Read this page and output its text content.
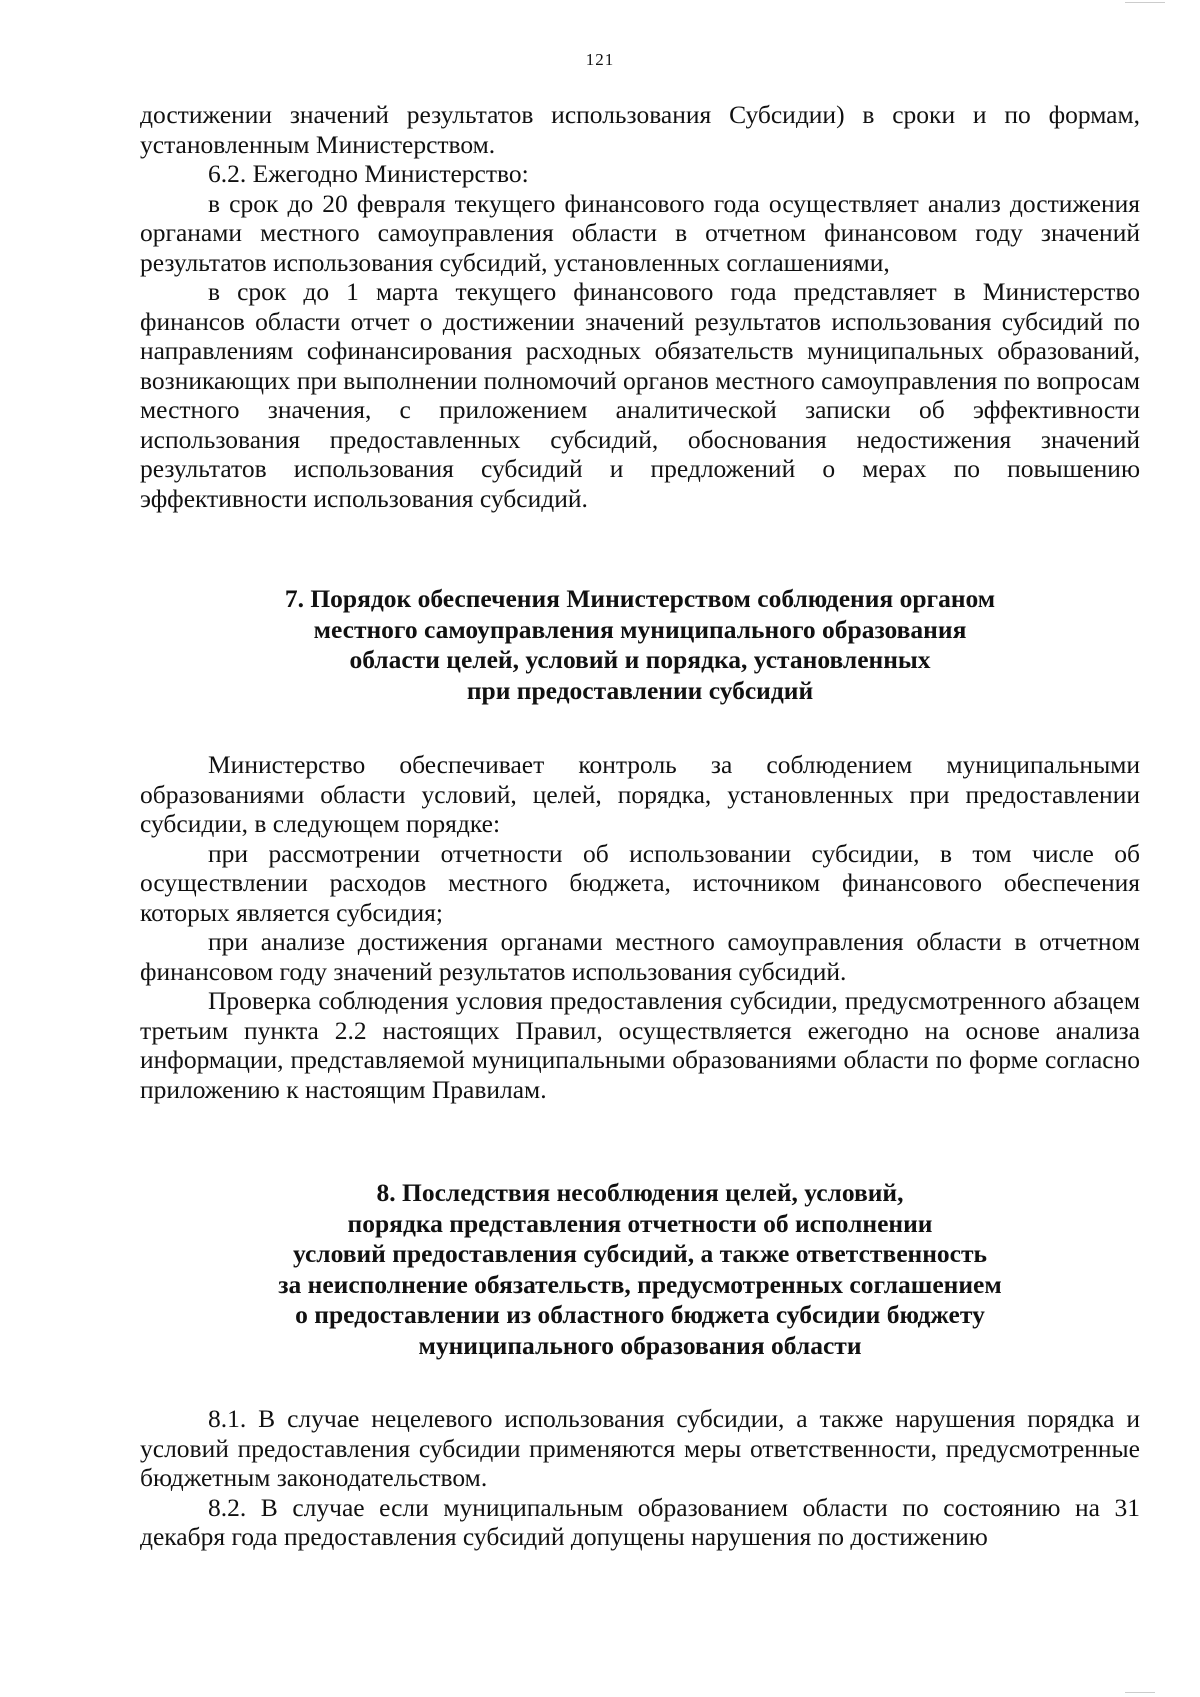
121

достижении значений результатов использования Субсидии) в сроки и по формам, установленным Министерством.

6.2. Ежегодно Министерство:

в срок до 20 февраля текущего финансового года осуществляет анализ достижения органами местного самоуправления области в отчетном финансовом году значений результатов использования субсидий, установленных соглашениями,

в срок до 1 марта текущего финансового года представляет в Министерство финансов области отчет о достижении значений результатов использования субсидий по направлениям софинансирования расходных обязательств муниципальных образований, возникающих при выполнении полномочий органов местного самоуправления по вопросам местного значения, с приложением аналитической записки об эффективности использования предоставленных субсидий, обоснования недостижения значений результатов использования субсидий и предложений о мерах по повышению эффективности использования субсидий.

7. Порядок обеспечения Министерством соблюдения органом
местного самоуправления муниципального образования
области целей, условий и порядка, установленных
при предоставлении субсидий

Министерство обеспечивает контроль за соблюдением муниципальными образованиями области условий, целей, порядка, установленных при предоставлении субсидии, в следующем порядке:

при рассмотрении отчетности об использовании субсидии, в том числе об осуществлении расходов местного бюджета, источником финансового обеспечения которых является субсидия;

при анализе достижения органами местного самоуправления области в отчетном финансовом году значений результатов использования субсидий.

Проверка соблюдения условия предоставления субсидии, предусмотренного абзацем третьим пункта 2.2 настоящих Правил, осуществляется ежегодно на основе анализа информации, представляемой муниципальными образованиями области по форме согласно приложению к настоящим Правилам.

8. Последствия несоблюдения целей, условий,
порядка представления отчетности об исполнении
условий предоставления субсидий, а также ответственность
за неисполнение обязательств, предусмотренных соглашением
о предоставлении из областного бюджета субсидии бюджету
муниципального образования области

8.1. В случае нецелевого использования субсидии, а также нарушения порядка и условий предоставления субсидии применяются меры ответственности, предусмотренные бюджетным законодательством.

8.2. В случае если муниципальным образованием области по состоянию на 31 декабря года предоставления субсидий допущены нарушения по достижению
